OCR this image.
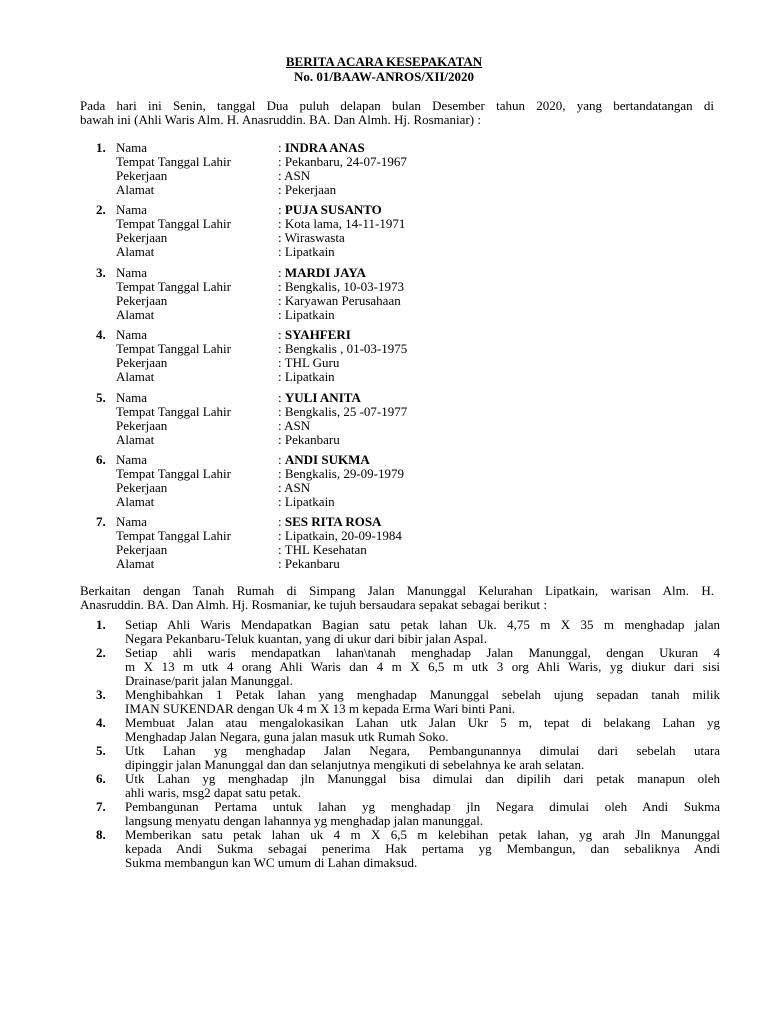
BERITA ACARA KESEPAKATAN
No. 01/BAAW-ANROS/XII/2020
Pada hari ini Senin, tanggal Dua puluh delapan bulan Desember tahun 2020, yang bertandatangan di
bawah ini (Ahli Waris Alm. H. Anasruddin. BA. Dan Almh. Hj. Rosmaniar) :
1. Nama	: INDRA ANAS
Tempat Tanggal Lahir	: Pekanbaru, 24-07-1967
Pekerjaan	: ASN
Alamat	: Pekerjaan
2. Nama	: PUJA SUSANTO
Tempat Tanggal Lahir	: Kota lama, 14-11-1971
Pekerjaan	: Wiraswasta
Alamat	: Lipatkain
3. Nama	: MARDI JAYA
Tempat Tanggal Lahir	: Bengkalis, 10-03-1973
Pekerjaan	: Karyawan Perusahaan
Alamat	: Lipatkain
4. Nama	: SYAHFERI
Tempat Tanggal Lahir	: Bengkalis , 01-03-1975
Pekerjaan	: THL Guru
Alamat	: Lipatkain
5. Nama	: YULI ANITA
Tempat Tanggal Lahir	: Bengkalis, 25 -07-1977
Pekerjaan	: ASN
Alamat	: Pekanbaru
6. Nama	: ANDI SUKMA
Tempat Tanggal Lahir	: Bengkalis, 29-09-1979
Pekerjaan	: ASN
Alamat	: Lipatkain
7. Nama	: SES RITA ROSA
Tempat Tanggal Lahir	: Lipatkain, 20-09-1984
Pekerjaan	: THL Kesehatan
Alamat	: Pekanbaru
Berkaitan dengan Tanah Rumah di Simpang Jalan Manunggal Kelurahan Lipatkain, warisan Alm. H.
Anasruddin. BA. Dan Almh. Hj. Rosmaniar, ke tujuh bersaudara sepakat sebagai berikut :
1. Setiap Ahli Waris Mendapatkan Bagian satu petak lahan Uk. 4,75 m X 35 m menghadap jalan
Negara Pekanbaru-Teluk kuantan, yang di ukur dari bibir jalan Aspal.
2. Setiap ahli waris mendapatkan lahan\tanah menghadap Jalan Manunggal, dengan Ukuran 4
m X 13 m utk 4 orang Ahli Waris dan 4 m X 6,5 m utk 3 org Ahli Waris, yg diukur dari sisi
Drainase/parit jalan Manunggal.
3. Menghibahkan 1 Petak lahan yang menghadap Manunggal sebelah ujung sepadan tanah milik
IMAN SUKENDAR dengan Uk 4 m X 13 m kepada Erma Wari binti Pani.
4. Membuat Jalan atau mengalokasikan Lahan utk Jalan Ukr 5 m, tepat di belakang Lahan yg
Menghadap Jalan Negara, guna jalan masuk utk Rumah Soko.
5. Utk Lahan yg menghadap Jalan Negara, Pembangunannya dimulai dari sebelah utara
dipinggir jalan Manunggal dan dan selanjutnya mengikuti di sebelahnya ke arah selatan.
6. Utk Lahan yg menghadap jln Manunggal bisa dimulai dan dipilih dari petak manapun oleh
ahli waris, msg2 dapat satu petak.
7. Pembangunan Pertama untuk lahan yg menghadap jln Negara dimulai oleh Andi Sukma
langsung menyatu dengan lahannya yg menghadap jalan manunggal.
8. Memberikan satu petak lahan uk 4 m X 6,5 m kelebihan petak lahan, yg arah Jln Manunggal
kepada Andi Sukma sebagai penerima Hak pertama yg Membangun, dan sebaliknya Andi
Sukma membangun kan WC umum di Lahan dimaksud.
